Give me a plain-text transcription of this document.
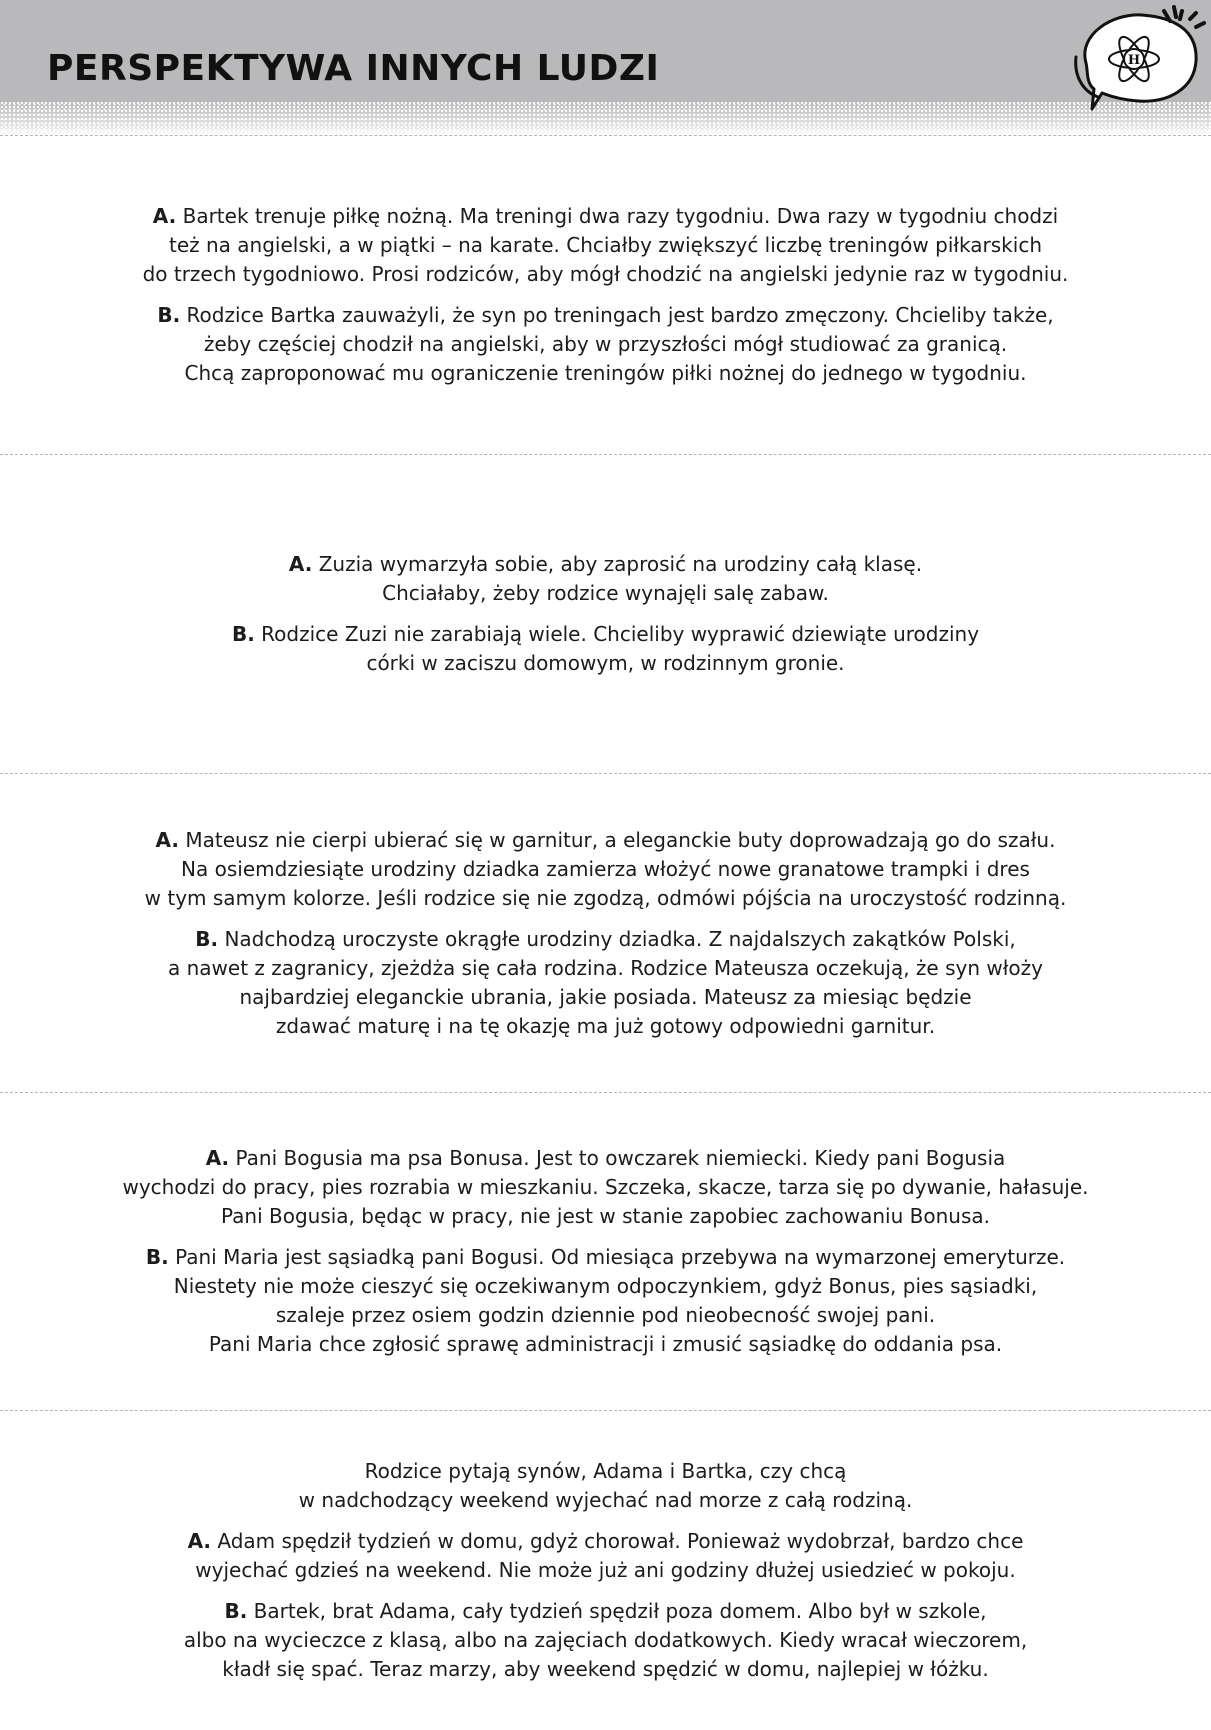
PERSPEKTYWA INNYCH LUDZI	H

A. Bartek trenuje piłkę nożną. Ma treningi dwa razy tygodniu. Dwa razy w tygodniu chodzi
też na angielski, a w piątki – na karate. Chciałby zwiększyć liczbę treningów piłkarskich
do trzech tygodniowo. Prosi rodziców, aby mógł chodzić na angielski jedynie raz w tygodniu.

B. Rodzice Bartka zauważyli, że syn po treningach jest bardzo zmęczony. Chcieliby także,
żeby częściej chodził na angielski, aby w przyszłości mógł studiować za granicą.
Chcą zaproponować mu ograniczenie treningów piłki nożnej do jednego w tygodniu.

A. Zuzia wymarzyła sobie, aby zaprosić na urodziny całą klasę.
Chciałaby, żeby rodzice wynajęli salę zabaw.

B. Rodzice Zuzi nie zarabiają wiele. Chcieliby wyprawić dziewiąte urodziny
córki w zaciszu domowym, w rodzinnym gronie.

A. Mateusz nie cierpi ubierać się w garnitur, a eleganckie buty doprowadzają go do szału.
Na osiemdziesiąte urodziny dziadka zamierza włożyć nowe granatowe trampki i dres
w tym samym kolorze. Jeśli rodzice się nie zgodzą, odmówi pójścia na uroczystość rodzinną.

B. Nadchodzą uroczyste okrągłe urodziny dziadka. Z najdalszych zakątków Polski,
a nawet z zagranicy, zjeżdża się cała rodzina. Rodzice Mateusza oczekują, że syn włoży
najbardziej eleganckie ubrania, jakie posiada. Mateusz za miesiąc będzie
zdawać maturę i na tę okazję ma już gotowy odpowiedni garnitur.

A. Pani Bogusia ma psa Bonusa. Jest to owczarek niemiecki. Kiedy pani Bogusia
wychodzi do pracy, pies rozrabia w mieszkaniu. Szczeka, skacze, tarza się po dywanie, hałasuje.
Pani Bogusia, będąc w pracy, nie jest w stanie zapobiec zachowaniu Bonusa.

B. Pani Maria jest sąsiadką pani Bogusi. Od miesiąca przebywa na wymarzonej emeryturze.
Niestety nie może cieszyć się oczekiwanym odpoczynkiem, gdyż Bonus, pies sąsiadki,
szaleje przez osiem godzin dziennie pod nieobecność swojej pani.
Pani Maria chce zgłosić sprawę administracji i zmusić sąsiadkę do oddania psa.

Rodzice pytają synów, Adama i Bartka, czy chcą
w nadchodzący weekend wyjechać nad morze z całą rodziną.

A. Adam spędził tydzień w domu, gdyż chorował. Ponieważ wydobrzał, bardzo chce
wyjechać gdzieś na weekend. Nie może już ani godziny dłużej usiedzieć w pokoju.

B. Bartek, brat Adama, cały tydzień spędził poza domem. Albo był w szkole,
albo na wycieczce z klasą, albo na zajęciach dodatkowych. Kiedy wracał wieczorem,
kładł się spać. Teraz marzy, aby weekend spędzić w domu, najlepiej w łóżku.
